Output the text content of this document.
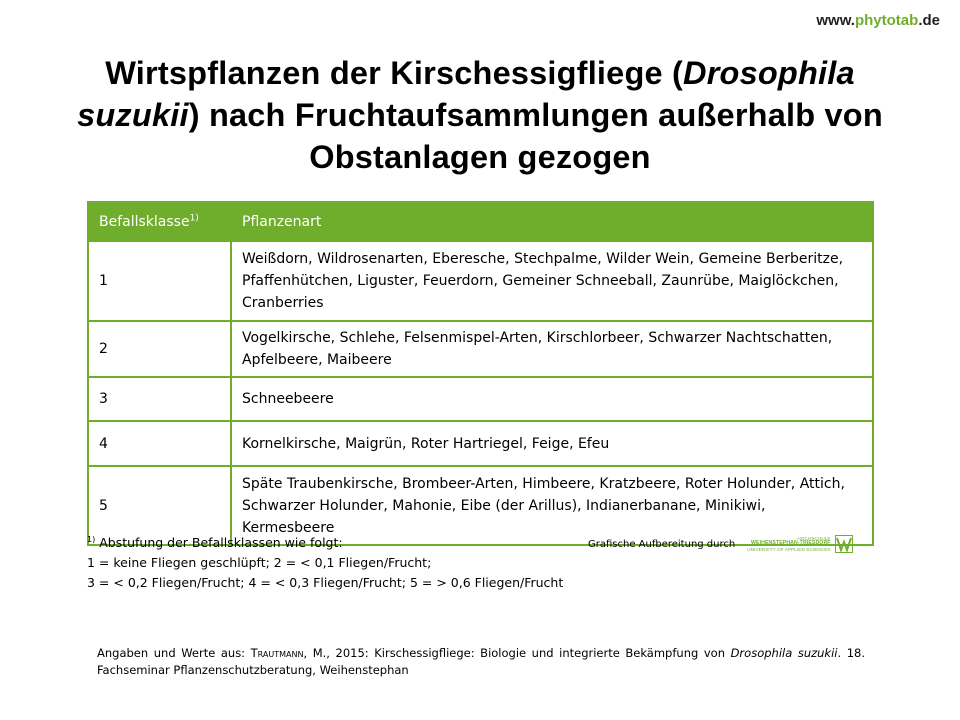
www.phytotab.de
Wirtspflanzen der Kirschessigfliege (Drosophila suzukii) nach Fruchtaufsammlungen außerhalb von Obstanlagen gezogen
Befallsklasse$^{1)}$	Pflanzenart
1	Weißdorn, Wildrosenarten, Eberesche, Stechpalme, Wilder Wein, Gemeine Berberitze, Pfaffenhütchen, Liguster, Feuerdorn, Gemeiner Schneeball, Zaunrübe, Maiglöckchen, Cranberries
2	Vogelkirsche, Schlehe, Felsenmispel-Arten, Kirschlorbeer, Schwarzer Nachtschatten, Apfelbeere, Maibeere
3	Schneebeere
4	Kornelkirsche, Maigrün, Roter Hartriegel, Feige, Efeu
5	Späte Traubenkirsche, Brombeer-Arten, Himbeere, Kratzbeere, Roter Holunder, Attich, Schwarzer Holunder, Mahonie, Eibe (der Arillus), Indianerbanane, Minikiwi, Kermesbeere
$^{1)}$ Abstufung der Befallsklassen wie folgt:
1 = keine Fliegen geschlüpft; 2 = < 0,1 Fliegen/Frucht;
3 = < 0,2 Fliegen/Frucht; 4 = < 0,3 Fliegen/Frucht; 5 = > 0,6 Fliegen/Frucht
Grafische Aufbereitung durch	HOCHSCHULE
WEIHENSTEPHAN-TRIESDORF
UNIVERSITY OF APPLIED SCIENCES
Angaben und Werte aus: Trautmann, M., 2015: Kirschessigfliege: Biologie und integrierte Bekämpfung von Drosophila suzukii. 18. Fachseminar Pflanzenschutzberatung, Weihenstephan
